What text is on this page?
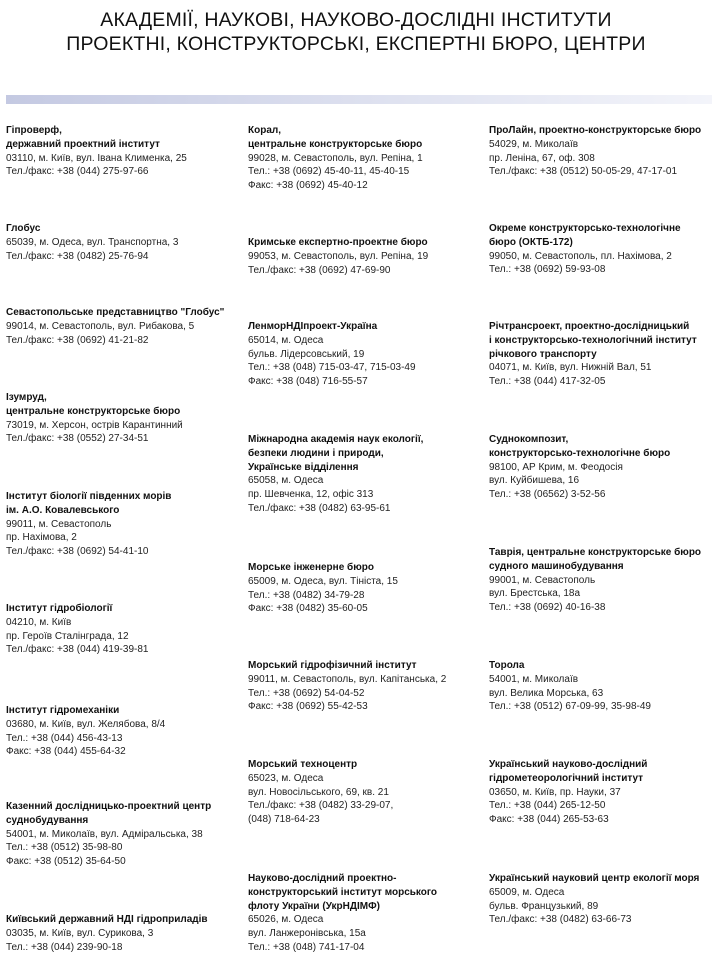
АКАДЕМІЇ, НАУКОВІ, НАУКОВО-ДОСЛІДНІ ІНСТИТУТИ
ПРОЕКТНІ, КОНСТРУКТОРСЬКІ, ЕКСПЕРТНІ БЮРО, ЦЕНТРИ
Гіпроверф,
державний проектний інститут
03110, м. Київ, вул. Івана Клименка, 25
Тел./факс: +38 (044) 275-97-66
Глобус
65039, м. Одеса, вул. Транспортна, 3
Тел./факс: +38 (0482) 25-76-94
Севастопольське представництво "Глобус"
99014, м. Севастополь, вул. Рибакова, 5
Тел./факс: +38 (0692) 41-21-82
Ізумруд,
центральне конструкторське бюро
73019, м. Херсон, острів Карантинний
Тел./факс: +38 (0552) 27-34-51
Інститут біології південних морів
ім. А.О. Ковалевського
99011, м. Севастополь
пр. Нахімова, 2
Тел./факс: +38 (0692) 54-41-10
Інститут гідробіології
04210, м. Київ
пр. Героїв Сталінграда, 12
Тел./факс: +38 (044) 419-39-81
Інститут гідромеханіки
03680, м. Київ, вул. Желябова, 8/4
Тел.: +38 (044) 456-43-13
Факс: +38 (044) 455-64-32
Казенний дослідницько-проектний центр
суднобудування
54001, м. Миколаїв, вул. Адміральська, 38
Тел.: +38 (0512) 35-98-80
Факс: +38 (0512) 35-64-50
Київський державний НДІ гідроприладів
03035, м. Київ, вул. Сурикова, 3
Тел.: +38 (044) 239-90-18
Корал,
центральне конструкторське бюро
99028, м. Севастополь, вул. Репіна, 1
Тел.: +38 (0692) 45-40-11, 45-40-15
Факс: +38 (0692) 45-40-12
Кримське експертно-проектне бюро
99053, м. Севастополь, вул. Репіна, 19
Тел./факс: +38 (0692) 47-69-90
ЛенморНДІпроект-Україна
65014, м. Одеса
бульв. Лідерсовський, 19
Тел.: +38 (048) 715-03-47, 715-03-49
Факс: +38 (048) 716-55-57
Міжнародна академія наук екології,
безпеки людини і природи,
Українське відділення
65058, м. Одеса
пр. Шевченка, 12, офіс 313
Тел./факс: +38 (0482) 63-95-61
Морське інженерне бюро
65009, м. Одеса, вул. Тініста, 15
Тел.: +38 (0482) 34-79-28
Факс: +38 (0482) 35-60-05
Морський гідрофізичний інститут
99011, м. Севастополь, вул. Капітанська, 2
Тел.: +38 (0692) 54-04-52
Факс: +38 (0692) 55-42-53
Морський техноцентр
65023, м. Одеса
вул. Новосільського, 69, кв. 21
Тел./факс: +38 (0482) 33-29-07,
(048) 718-64-23
Науково-дослідний проектно-
конструкторський інститут морського
флоту України (УкрНДІМФ)
65026, м. Одеса
вул. Ланжеронівська, 15а
Тел.: +38 (048) 741-17-04
ПроЛайн, проектно-конструкторське бюро
54029, м. Миколаїв
пр. Леніна, 67, оф. 308
Тел./факс: +38 (0512) 50-05-29, 47-17-01
Окреме конструкторсько-технологічне
бюро (ОКТБ-172)
99050, м. Севастополь, пл. Нахімова, 2
Тел.: +38 (0692) 59-93-08
Річтрансроект, проектно-дослідницький
і конструкторсько-технологічний інститут
річкового транспорту
04071, м. Київ, вул. Нижній Вал, 51
Тел.: +38 (044) 417-32-05
Суднокомпозит,
конструкторсько-технологічне бюро
98100, АР Крим, м. Феодосія
вул. Куйбишева, 16
Тел.: +38 (06562) 3-52-56
Таврія, центральне конструкторське бюро
судного машинобудування
99001, м. Севастополь
вул. Брестська, 18а
Тел.: +38 (0692) 40-16-38
Торола
54001, м. Миколаїв
вул. Велика Морська, 63
Тел.: +38 (0512) 67-09-99, 35-98-49
Український науково-дослідний
гідрометеорологічний інститут
03650, м. Київ, пр. Науки, 37
Тел.: +38 (044) 265-12-50
Факс: +38 (044) 265-53-63
Український науковий центр екології моря
65009, м. Одеса
бульв. Французький, 89
Тел./факс: +38 (0482) 63-66-73
